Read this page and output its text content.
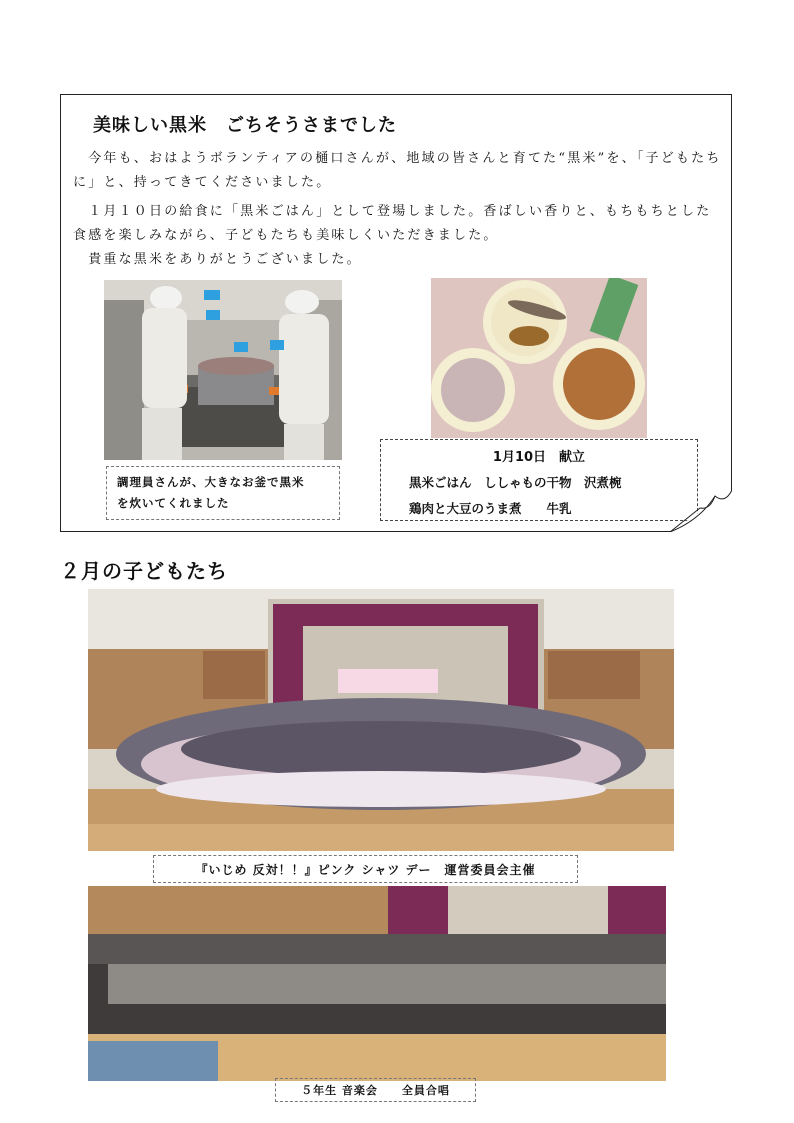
美味しい黒米　ごちそうさまでした
　今年も、おはようボランティアの樋口さんが、地域の皆さんと育てた“黒米”を、「子どもたちに」と、持ってきてくださいました。
　１月１０日の給食に「黒米ごはん」として登場しました。香ばしい香りと、もちもちとした食感を楽しみながら、子どもたちも美味しくいただきました。
　貴重な黒米をありがとうございました。
調理員さんが、大きなお釜で黒米
を炊いてくれました
1月10日　献立
黒米ごはん　ししゃもの干物　沢煮椀
鶏肉と大豆のうま煮　　牛乳
２月の子どもたち
『いじめ 反対！！』ピンク シャツ デー　運営委員会主催
５年生 音楽会　　全員合唱
